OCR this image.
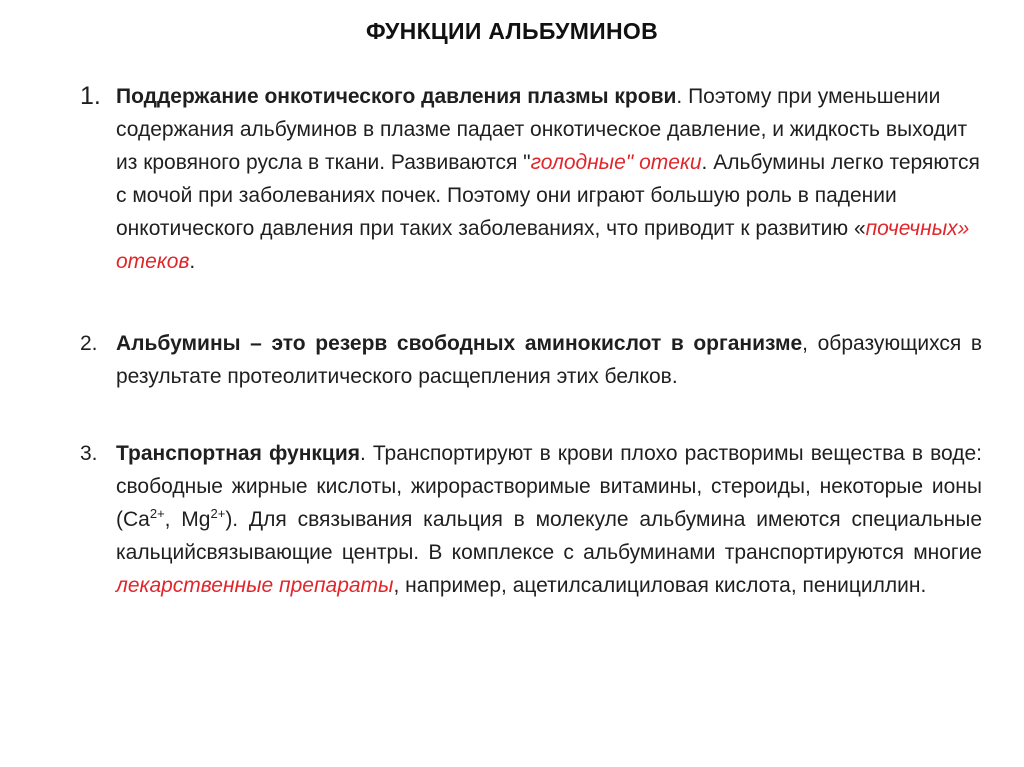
ФУНКЦИИ АЛЬБУМИНОВ
1. Поддержание онкотического давления плазмы крови. Поэтому при уменьшении содержания альбуминов в плазме падает онкотическое давление, и жидкость выходит из кровяного русла в ткани. Развиваются "голодные" отеки. Альбумины легко теряются с мочой при заболеваниях почек. Поэтому они играют большую роль в падении онкотического давления при таких заболеваниях, что приводит к развитию «почечных» отеков.
2. Альбумины – это резерв свободных аминокислот в организме, образующихся в результате протеолитического расщепления этих белков.
3. Транспортная функция. Транспортируют в крови плохо растворимы вещества в воде: свободные жирные кислоты, жирорастворимые витамины, стероиды, некоторые ионы ($Ca^{2+}$, $Mg^{2+}$). Для связывания кальция в молекуле альбумина имеются специальные кальцийсвязывающие центры. В комплексе с альбуминами транспортируются многие лекарственные препараты, например, ацетилсалициловая кислота, пенициллин.
